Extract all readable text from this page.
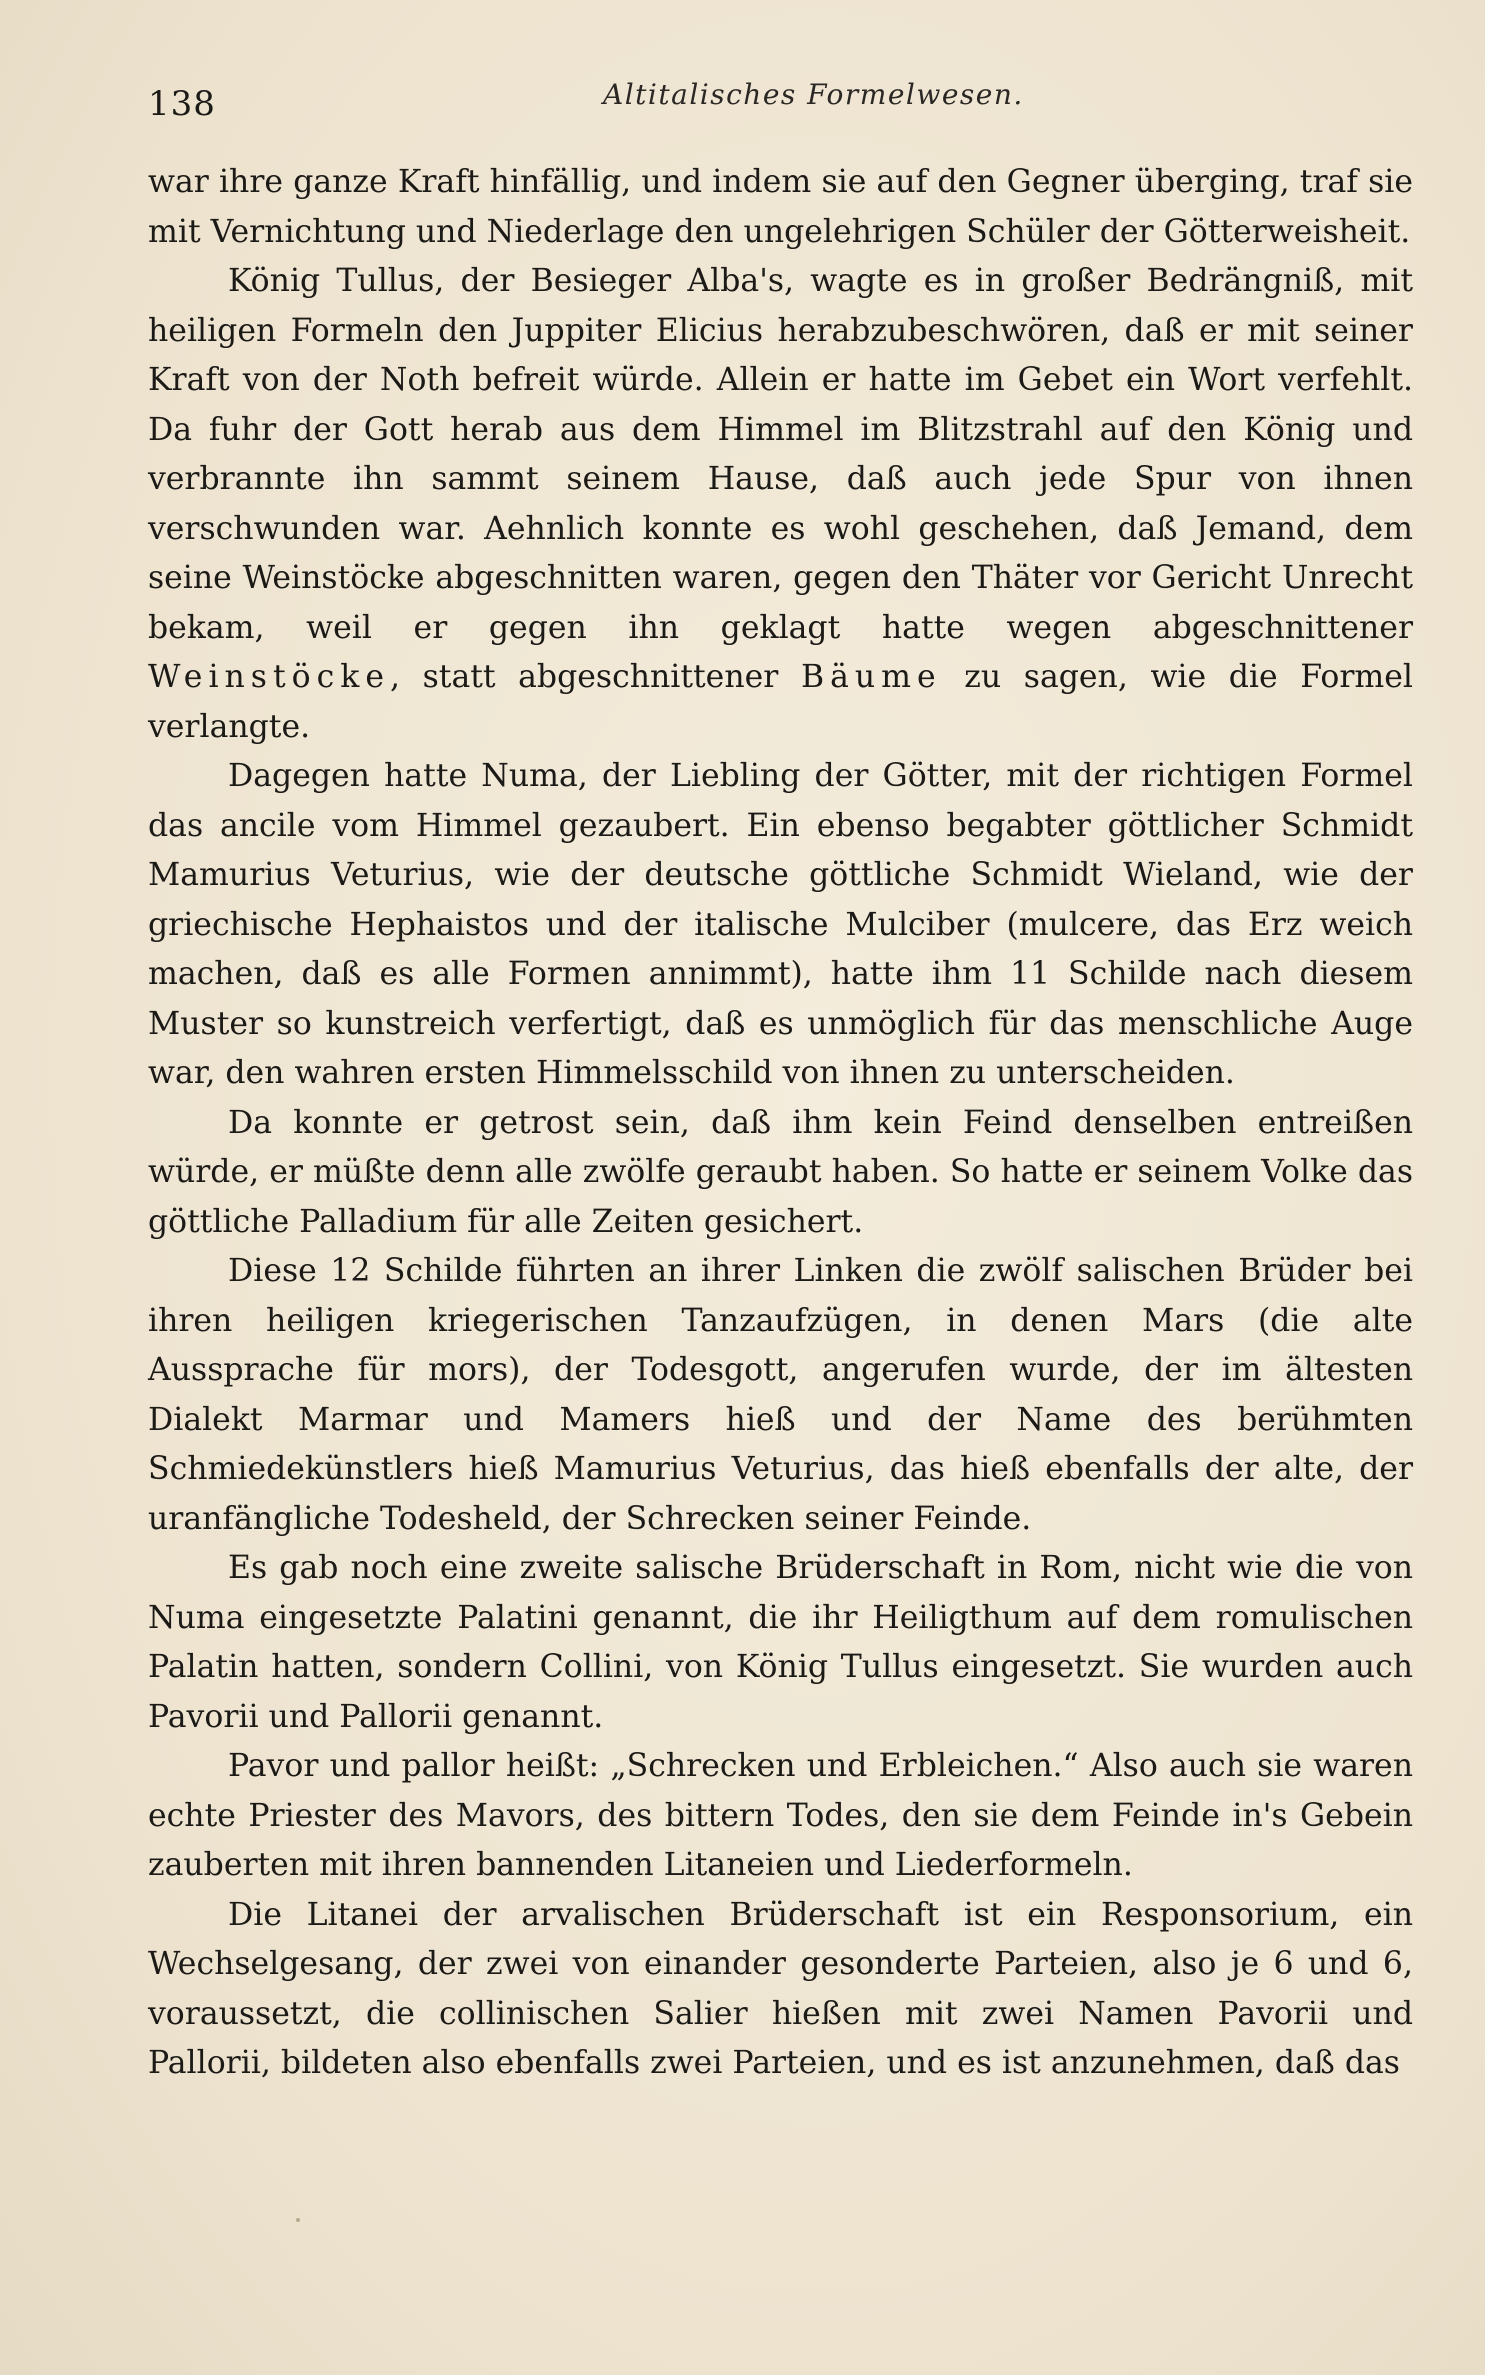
138	Altitalisches Formelwesen.

war ihre ganze Kraft hinfällig, und indem sie auf den Gegner überging, traf sie mit Vernichtung und Niederlage den ungelehrigen Schüler der Götterweisheit.

König Tullus, der Besieger Alba's, wagte es in großer Bedrängniß, mit heiligen Formeln den Juppiter Elicius herabzubeschwören, daß er mit seiner Kraft von der Noth befreit würde. Allein er hatte im Gebet ein Wort verfehlt. Da fuhr der Gott herab aus dem Himmel im Blitzstrahl auf den König und verbrannte ihn sammt seinem Hause, daß auch jede Spur von ihnen verschwunden war. Aehnlich konnte es wohl geschehen, daß Jemand, dem seine Weinstöcke abgeschnitten waren, gegen den Thäter vor Gericht Unrecht bekam, weil er gegen ihn geklagt hatte wegen abgeschnittener Weinstöcke, statt abgeschnittener Bäume zu sagen, wie die Formel verlangte.

Dagegen hatte Numa, der Liebling der Götter, mit der richtigen Formel das ancile vom Himmel gezaubert. Ein ebenso begabter göttlicher Schmidt Mamurius Veturius, wie der deutsche göttliche Schmidt Wieland, wie der griechische Hephaistos und der italische Mulciber (mulcere, das Erz weich machen, daß es alle Formen annimmt), hatte ihm 11 Schilde nach diesem Muster so kunstreich verfertigt, daß es unmöglich für das menschliche Auge war, den wahren ersten Himmelsschild von ihnen zu unterscheiden.

Da konnte er getrost sein, daß ihm kein Feind denselben entreißen würde, er müßte denn alle zwölfe geraubt haben. So hatte er seinem Volke das göttliche Palladium für alle Zeiten gesichert.

Diese 12 Schilde führten an ihrer Linken die zwölf salischen Brüder bei ihren heiligen kriegerischen Tanzaufzügen, in denen Mars (die alte Aussprache für mors), der Todesgott, angerufen wurde, der im ältesten Dialekt Marmar und Mamers hieß und der Name des berühmten Schmiedekünstlers hieß Mamurius Veturius, das hieß ebenfalls der alte, der uranfängliche Todesheld, der Schrecken seiner Feinde.

Es gab noch eine zweite salische Brüderschaft in Rom, nicht wie die von Numa eingesetzte Palatini genannt, die ihr Heiligthum auf dem romulischen Palatin hatten, sondern Collini, von König Tullus eingesetzt. Sie wurden auch Pavorii und Pallorii genannt.

Pavor und pallor heißt: „Schrecken und Erbleichen.“ Also auch sie waren echte Priester des Mavors, des bittern Todes, den sie dem Feinde in's Gebein zauberten mit ihren bannenden Litaneien und Liederformeln.

Die Litanei der arvalischen Brüderschaft ist ein Responsorium, ein Wechselgesang, der zwei von einander gesonderte Parteien, also je 6 und 6, voraussetzt, die collinischen Salier hießen mit zwei Namen Pavorii und Pallorii, bildeten also ebenfalls zwei Parteien, und es ist anzunehmen, daß das
